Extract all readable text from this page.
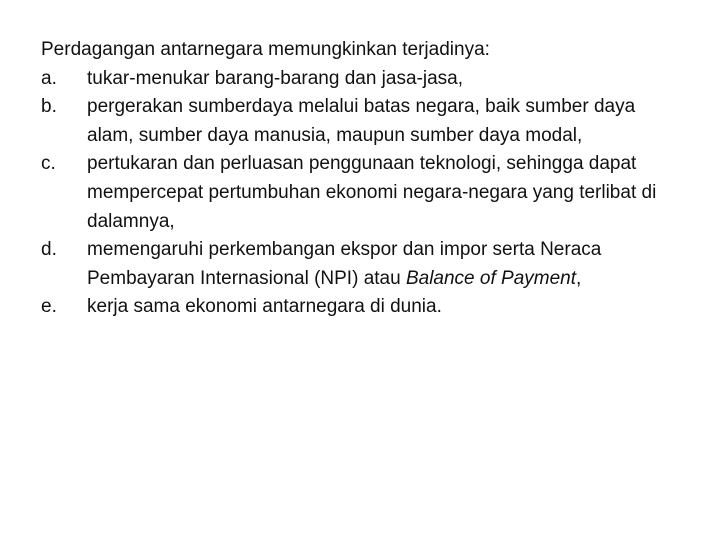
Perdagangan antarnegara memungkinkan terjadinya:
a. tukar-menukar barang-barang dan jasa-jasa,
b. pergerakan sumberdaya melalui batas negara, baik sumber daya alam, sumber daya manusia, maupun sumber daya modal,
c. pertukaran dan perluasan penggunaan teknologi, sehingga dapat mempercepat pertumbuhan ekonomi negara-negara yang terlibat di dalamnya,
d. memengaruhi perkembangan ekspor dan impor serta Neraca Pembayaran Internasional (NPI) atau Balance of Payment,
e. kerja sama ekonomi antarnegara di dunia.
